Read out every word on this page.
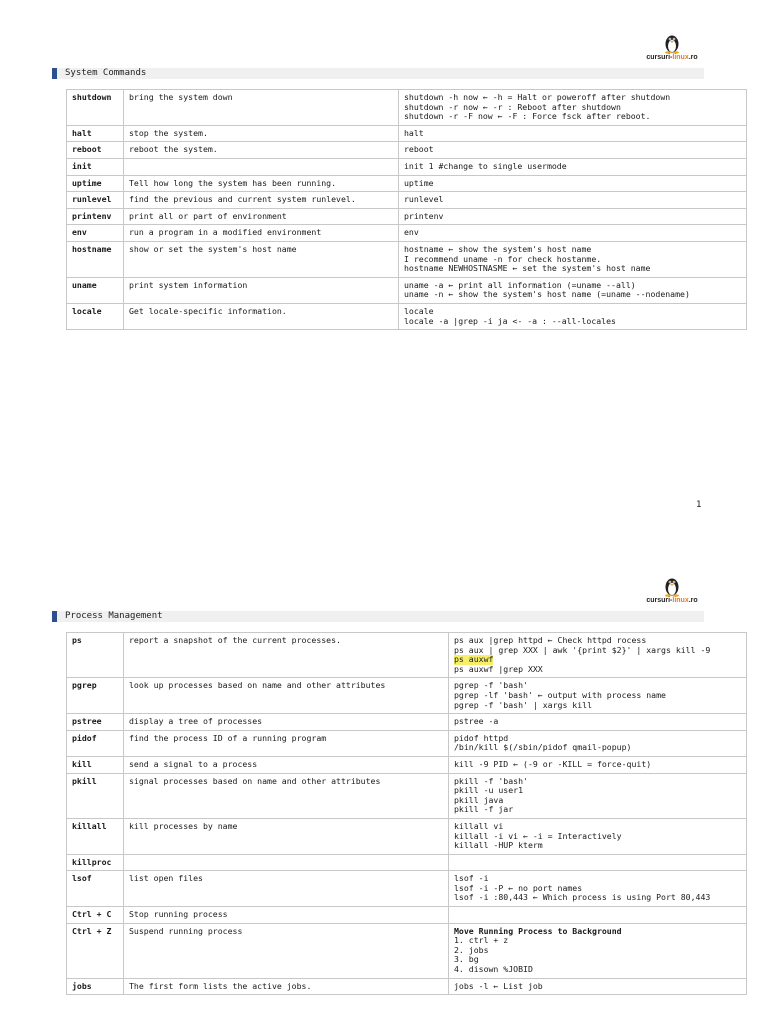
cursuri-linux.ro
System Commands
shutdown	bring the system down	shutdown -h now ← -h = Halt or poweroff after shutdown
shutdown -r now ← -r : Reboot after shutdown
shutdown -r -F now ← -F : Force fsck after reboot.

halt	stop the system.	halt

reboot	reboot the system.	reboot

init		init 1 #change to single usermode

uptime	Tell how long the system has been running.	uptime

runlevel	find the previous and current system runlevel.	runlevel

printenv	print all or part of environment	printenv

env	run a program in a modified environment	env

hostname	show or set the system's host name	hostname ← show the system's host name
I recommend uname -n for check hostanme.
hostname NEWHOSTNASME ← set the system's host name

uname	print system information	uname -a ← print all information (=uname --all)
uname -n ← show the system's host name (=uname --nodename)

locale	Get locale-specific information.	locale
locale -a |grep -i ja <- -a : --all-locales
1
cursuri-linux.ro
Process Management
ps	report a snapshot of the current processes.	ps aux |grep httpd ← Check httpd rocess
ps aux | grep XXX | awk '{print $2}' | xargs kill -9
ps auxwf
ps auxwf |grep XXX

pgrep	look up processes based on name and other attributes	pgrep -f 'bash'
pgrep -lf 'bash' ← output with process name
pgrep -f 'bash' | xargs kill

pstree	display a tree of processes	pstree -a

pidof	find the process ID of a running program	pidof httpd
/bin/kill $(/sbin/pidof qmail-popup)

kill	send a signal to a process	kill -9 PID ← (-9 or -KILL = force-quit)

pkill	signal processes based on name and other attributes	pkill -f 'bash'
pkill -u user1
pkill java
pkill -f jar

killall	kill processes by name	killall vi
killall -i vi ← -i = Interactively
killall -HUP kterm

killproc		

lsof	list open files	lsof -i
lsof -i -P ← no port names
lsof -i :80,443 ← Which process is using Port 80,443

Ctrl + C	Stop running process	

Ctrl + Z	Suspend running process	Move Running Process to Background
1. ctrl + z
2. jobs
3. bg
4. disown %JOBID

jobs	The first form lists the active jobs.	jobs -l ← List job
